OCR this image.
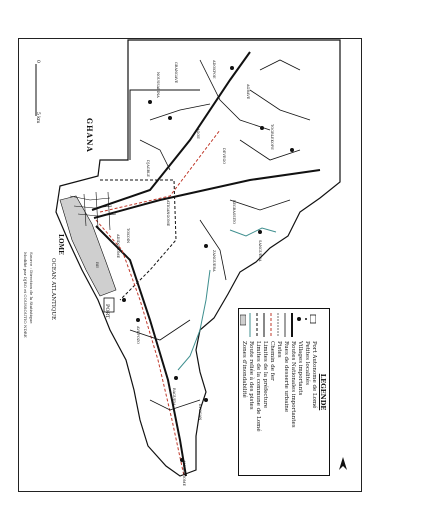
GHANA
LOME
OCEAN ATLANTIQUE	PORT
0
5 km
Source : Direction de la Statistique
Modifié par DJRO et COUSSOUTIO NDRE
GBANGAVE
NOUSSABINA
ADOKPOE
AGBAVE
AGOE	TOGBLEKOPE
LEGBASSITO
SANGUERA
ZANGUERA
BAGUIDA
AVEPOZO
KPOGAN
DJAGBLE
ADIDOGOME
BE
TOKOIN
DEVEGO
ATIGANGOME
AMADAHOME
LEGENDE
Port Autonome de Lomé
Petites localités
Villages importants
Routes Nationales importantes
Rues de desserte urbaine
Pistes
Chemin de fer
Limites de la préfecture
Limites de la commune de Lomé
Route reliée à des pistes
Zones d'inondabilité
